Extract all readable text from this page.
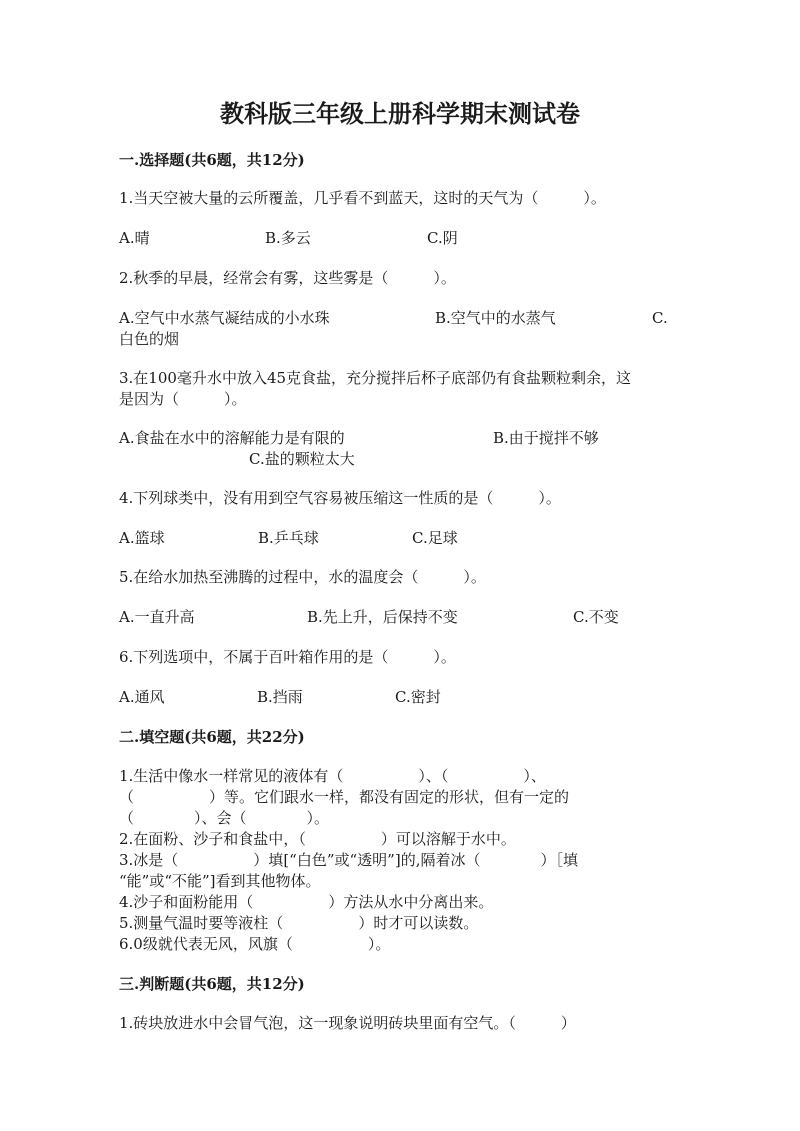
教科版三年级上册科学期末测试卷
一.选择题(共6题，共12分)
1.当天空被大量的云所覆盖，几乎看不到蓝天，这时的天气为（　　　）。
A.晴	B.多云	C.阴
2.秋季的早晨，经常会有雾，这些雾是（　　　）。
A.空气中水蒸气凝结成的小水珠	B.空气中的水蒸气	C.
白色的烟
3.在100毫升水中放入45克食盐，充分搅拌后杯子底部仍有食盐颗粒剩余，这
是因为（　　　）。
A.食盐在水中的溶解能力是有限的	B.由于搅拌不够
C.盐的颗粒太大
4.下列球类中，没有用到空气容易被压缩这一性质的是（　　　）。
A.篮球	B.乒乓球	C.足球
5.在给水加热至沸腾的过程中，水的温度会（　　　）。
A.一直升高	B.先上升，后保持不变	C.不变
6.下列选项中，不属于百叶箱作用的是（　　　）。
A.通风	B.挡雨	C.密封
二.填空题(共6题，共22分)
1.生活中像水一样常见的液体有（　　　　　）、（　　　　　）、
（　　　　　）等。它们跟水一样，都没有固定的形状，但有一定的
（　　　　）、会（　　　　）。
2.在面粉、沙子和食盐中，（　　　　　）可以溶解于水中。
3.冰是（　　　　　）填[“白色”或“透明”]的,隔着冰（　　　　）［填
“能”或“不能”]看到其他物体。
4.沙子和面粉能用（　　　　　）方法从水中分离出来。
5.测量气温时要等液柱（　　　　　）时才可以读数。
6.0级就代表无风，风旗（　　　　　）。
三.判断题(共6题，共12分)
1.砖块放进水中会冒气泡，这一现象说明砖块里面有空气。（　　　）
